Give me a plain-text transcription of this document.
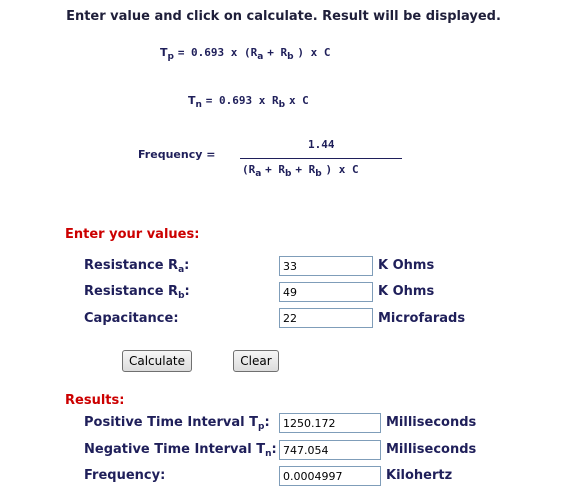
Enter value and click on calculate. Result will be displayed.
$T_p = 0.693$ x ($R_a + R_b$ ) x C
$T_n = 0.693$ x $R_b$ x C
Frequency =
1.44
($R_a + R_b + R_b$ ) x C
Enter your values:
Resistance $R_a$:
33	K Ohms
Resistance $R_b$:
49	K Ohms
Capacitance:
22	Microfarads
Calculate	Clear
Results:
Positive Time Interval $T_p$:
1250.172	Milliseconds
Negative Time Interval $T_n$:
747.054	Milliseconds
Frequency:
0.0004997	Kilohertz
